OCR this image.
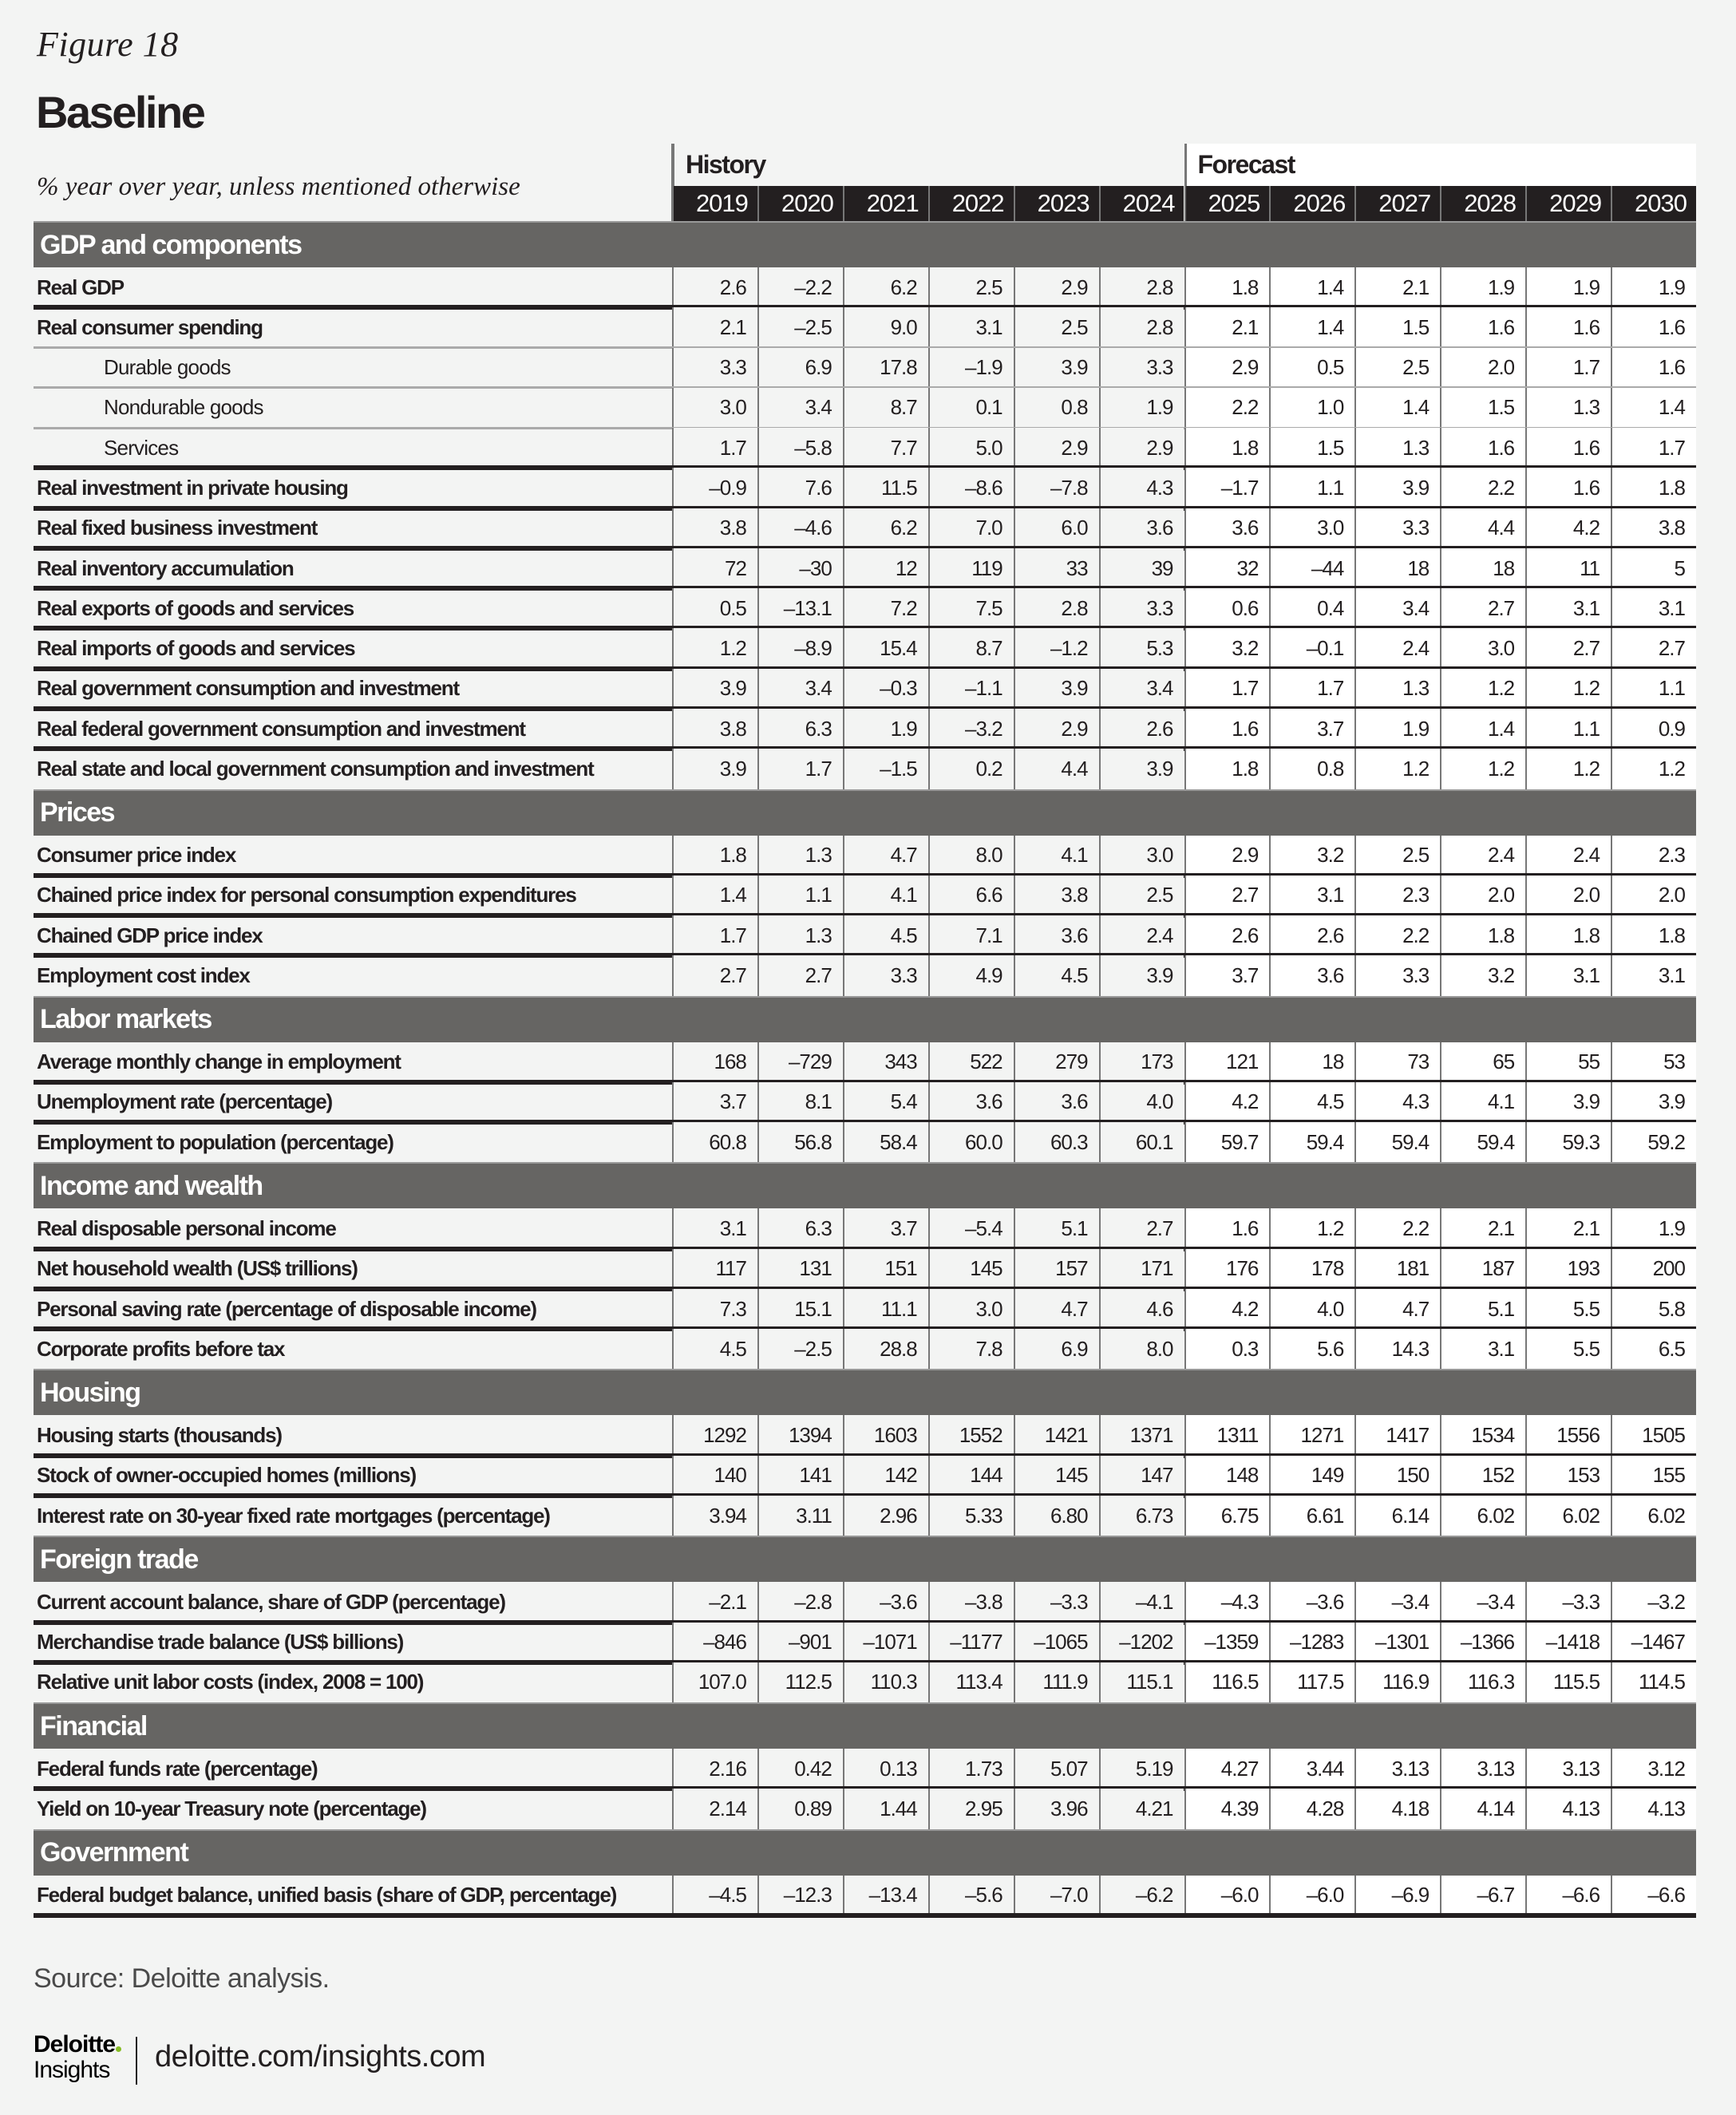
Figure 18
Baseline
% year over year, unless mentioned otherwise
History	Forecast
2019	2020	2021	2022	2023	2024	2025	2026	2027	2028	2029	2030
GDP and components
Real GDP	2.6	–2.2	6.2	2.5	2.9	2.8	1.8	1.4	2.1	1.9	1.9	1.9
Real consumer spending	2.1	–2.5	9.0	3.1	2.5	2.8	2.1	1.4	1.5	1.6	1.6	1.6
Durable goods	3.3	6.9	17.8	–1.9	3.9	3.3	2.9	0.5	2.5	2.0	1.7	1.6
Nondurable goods	3.0	3.4	8.7	0.1	0.8	1.9	2.2	1.0	1.4	1.5	1.3	1.4
Services	1.7	–5.8	7.7	5.0	2.9	2.9	1.8	1.5	1.3	1.6	1.6	1.7
Real investment in private housing	–0.9	7.6	11.5	–8.6	–7.8	4.3	–1.7	1.1	3.9	2.2	1.6	1.8
Real fixed business investment	3.8	–4.6	6.2	7.0	6.0	3.6	3.6	3.0	3.3	4.4	4.2	3.8
Real inventory accumulation	72	–30	12	119	33	39	32	–44	18	18	11	5
Real exports of goods and services	0.5	–13.1	7.2	7.5	2.8	3.3	0.6	0.4	3.4	2.7	3.1	3.1
Real imports of goods and services	1.2	–8.9	15.4	8.7	–1.2	5.3	3.2	–0.1	2.4	3.0	2.7	2.7
Real government consumption and investment	3.9	3.4	–0.3	–1.1	3.9	3.4	1.7	1.7	1.3	1.2	1.2	1.1
Real federal government consumption and investment	3.8	6.3	1.9	–3.2	2.9	2.6	1.6	3.7	1.9	1.4	1.1	0.9
Real state and local government consumption and investment	3.9	1.7	–1.5	0.2	4.4	3.9	1.8	0.8	1.2	1.2	1.2	1.2
Prices
Consumer price index	1.8	1.3	4.7	8.0	4.1	3.0	2.9	3.2	2.5	2.4	2.4	2.3
Chained price index for personal consumption expenditures	1.4	1.1	4.1	6.6	3.8	2.5	2.7	3.1	2.3	2.0	2.0	2.0
Chained GDP price index	1.7	1.3	4.5	7.1	3.6	2.4	2.6	2.6	2.2	1.8	1.8	1.8
Employment cost index	2.7	2.7	3.3	4.9	4.5	3.9	3.7	3.6	3.3	3.2	3.1	3.1
Labor markets
Average monthly change in employment	168	–729	343	522	279	173	121	18	73	65	55	53
Unemployment rate (percentage)	3.7	8.1	5.4	3.6	3.6	4.0	4.2	4.5	4.3	4.1	3.9	3.9
Employment to population (percentage)	60.8	56.8	58.4	60.0	60.3	60.1	59.7	59.4	59.4	59.4	59.3	59.2
Income and wealth
Real disposable personal income	3.1	6.3	3.7	–5.4	5.1	2.7	1.6	1.2	2.2	2.1	2.1	1.9
Net household wealth (US$ trillions)	117	131	151	145	157	171	176	178	181	187	193	200
Personal saving rate (percentage of disposable income)	7.3	15.1	11.1	3.0	4.7	4.6	4.2	4.0	4.7	5.1	5.5	5.8
Corporate profits before tax	4.5	–2.5	28.8	7.8	6.9	8.0	0.3	5.6	14.3	3.1	5.5	6.5
Housing
Housing starts (thousands)	1292	1394	1603	1552	1421	1371	1311	1271	1417	1534	1556	1505
Stock of owner-occupied homes (millions)	140	141	142	144	145	147	148	149	150	152	153	155
Interest rate on 30-year fixed rate mortgages (percentage)	3.94	3.11	2.96	5.33	6.80	6.73	6.75	6.61	6.14	6.02	6.02	6.02
Foreign trade
Current account balance, share of GDP (percentage)	–2.1	–2.8	–3.6	–3.8	–3.3	–4.1	–4.3	–3.6	–3.4	–3.4	–3.3	–3.2
Merchandise trade balance (US$ billions)	–846	–901	–1071	–1177	–1065	–1202	–1359	–1283	–1301	–1366	–1418	–1467
Relative unit labor costs (index, 2008 = 100)	107.0	112.5	110.3	113.4	111.9	115.1	116.5	117.5	116.9	116.3	115.5	114.5
Financial
Federal funds rate (percentage)	2.16	0.42	0.13	1.73	5.07	5.19	4.27	3.44	3.13	3.13	3.13	3.12
Yield on 10-year Treasury note (percentage)	2.14	0.89	1.44	2.95	3.96	4.21	4.39	4.28	4.18	4.14	4.13	4.13
Government
Federal budget balance, unified basis (share of GDP, percentage)	–4.5	–12.3	–13.4	–5.6	–7.0	–6.2	–6.0	–6.0	–6.9	–6.7	–6.6	–6.6
Source: Deloitte analysis.
Deloitte
Insights deloitte.com/insights.com
